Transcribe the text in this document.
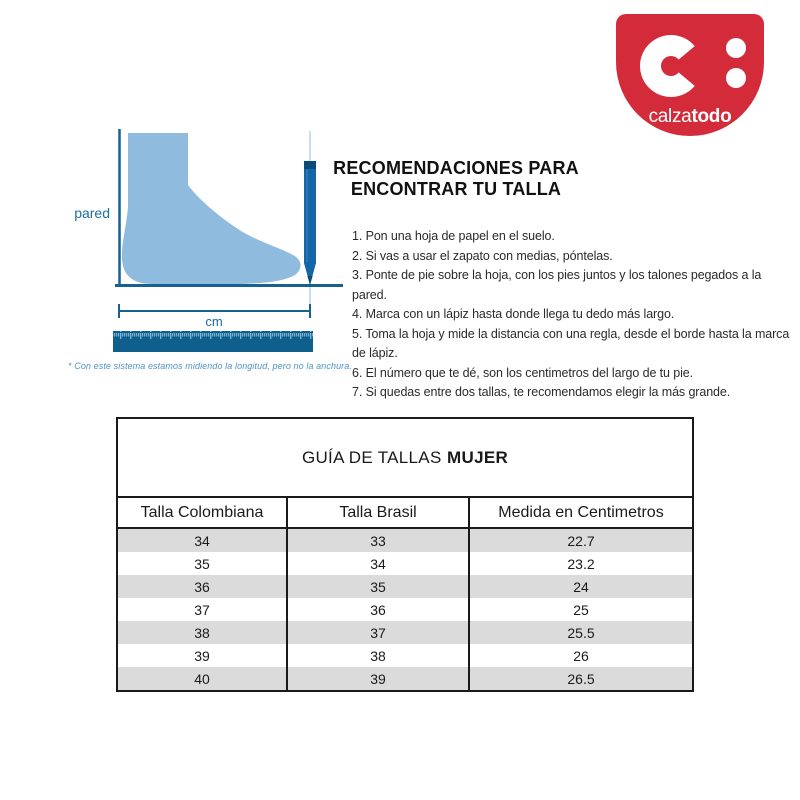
calzatodo
cm
pared
* Con este sistema estamos midiendo la longitud, pero no la anchura.
RECOMENDACIONES PARA
ENCONTRAR TU TALLA
1. Pon una hoja de papel en el suelo.
2. Si vas a usar el zapato con medias, póntelas.
3. Ponte de pie sobre la hoja, con los pies juntos y los talones pegados a la pared.
4. Marca con un lápiz hasta donde llega tu dedo más largo.
5. Toma la hoja y mide la distancia con una regla, desde el borde hasta la marca de lápiz.
6. El número que te dé, son los centimetros del largo de tu pie.
7. Si quedas entre dos tallas, te recomendamos elegir la más grande.
GUÍA DE TALLAS MUJER		
Talla Colombiana	Talla Brasil	Medida en Centimetros
34	33	22.7
35	34	23.2
36	35	24
37	36	25
38	37	25.5
39	38	26
40	39	26.5
